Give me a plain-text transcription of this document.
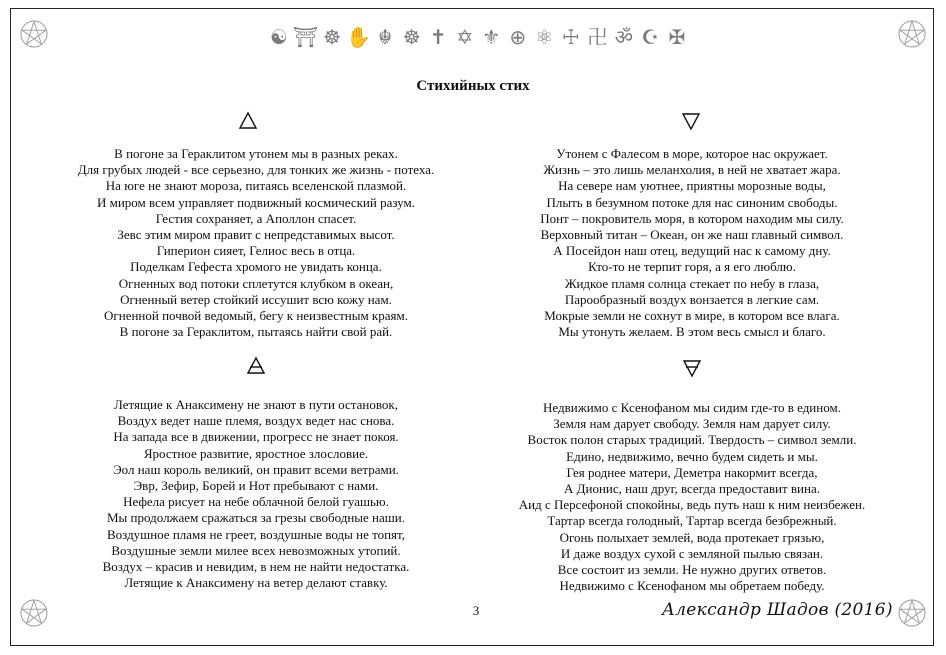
☯ ⛩ ☸ ✋ ☬ ☸ ✝ ✡ ⚜ ⊕ ⚛ ☩ 卍 ॐ ☪ ✠
Стихийных стих
В погоне за Гераклитом утонем мы в разных реках.
Для грубых людей - все серьезно, для тонких же жизнь - потеха.
На юге не знают мороза, питаясь вселенской плазмой.
И миром всем управляет подвижный космический разум.
Гестия сохраняет, а Аполлон спасет.
Зевс этим миром правит с непредставимых высот.
Гиперион сияет, Гелиос весь в отца.
Поделкам Гефеста хромого не увидать конца.
Огненных вод потоки сплетутся клубком в океан,
Огненный ветер стойкий иссушит всю кожу нам.
Огненной почвой ведомый, бегу к неизвестным краям.
В погоне за Гераклитом, пытаясь найти свой рай.
Утонем с Фалесом в море, которое нас окружает.
Жизнь – это лишь меланхолия, в ней не хватает жара.
На севере нам уютнее, приятны морозные воды,
Плыть в безумном потоке для нас синоним свободы.
Понт – покровитель моря, в котором находим мы силу.
Верховный титан – Океан, он же наш главный символ.
А Посейдон наш отец, ведущий нас к самому дну.
Кто-то не терпит горя, а я его люблю.
Жидкое пламя солнца стекает по небу в глаза,
Парообразный воздух вонзается в легкие сам.
Мокрые земли не сохнут в мире, в котором все влага.
Мы утонуть желаем. В этом весь смысл и благо.
Летящие к Анаксимену не знают в пути остановок,
Воздух ведет наше племя, воздух ведет нас снова.
На запада все в движении, прогресс не знает покоя.
Яростное развитие, яростное злословие.
Эол наш король великий, он правит всеми ветрами.
Эвр, Зефир, Борей и Нот пребывают с нами.
Нефела рисует на небе облачной белой гуашью.
Мы продолжаем сражаться за грезы свободные наши.
Воздушное пламя не греет, воздушные воды не топят,
Воздушные земли милее всех невозможных утопий.
Воздух – красив и невидим, в нем не найти недостатка.
Летящие к Анаксимену на ветер делают ставку.
Недвижимо с Ксенофаном мы сидим где-то в едином.
Земля нам дарует свободу. Земля нам дарует силу.
Восток полон старых традиций. Твердость – символ земли.
Едино, недвижимо, вечно будем сидеть и мы.
Гея роднее матери, Деметра накормит всегда,
А Дионис, наш друг, всегда предоставит вина.
Аид с Персефоной спокойны, ведь путь наш к ним неизбежен.
Тартар всегда голодный, Тартар всегда безбрежный.
Огонь полыхает землей, вода протекает грязью,
И даже воздух сухой с земляной пылью связан.
Все состоит из земли. Не нужно других ответов.
Недвижимо с Ксенофаном мы обретаем победу.
3	Александр Шадов (2016)
